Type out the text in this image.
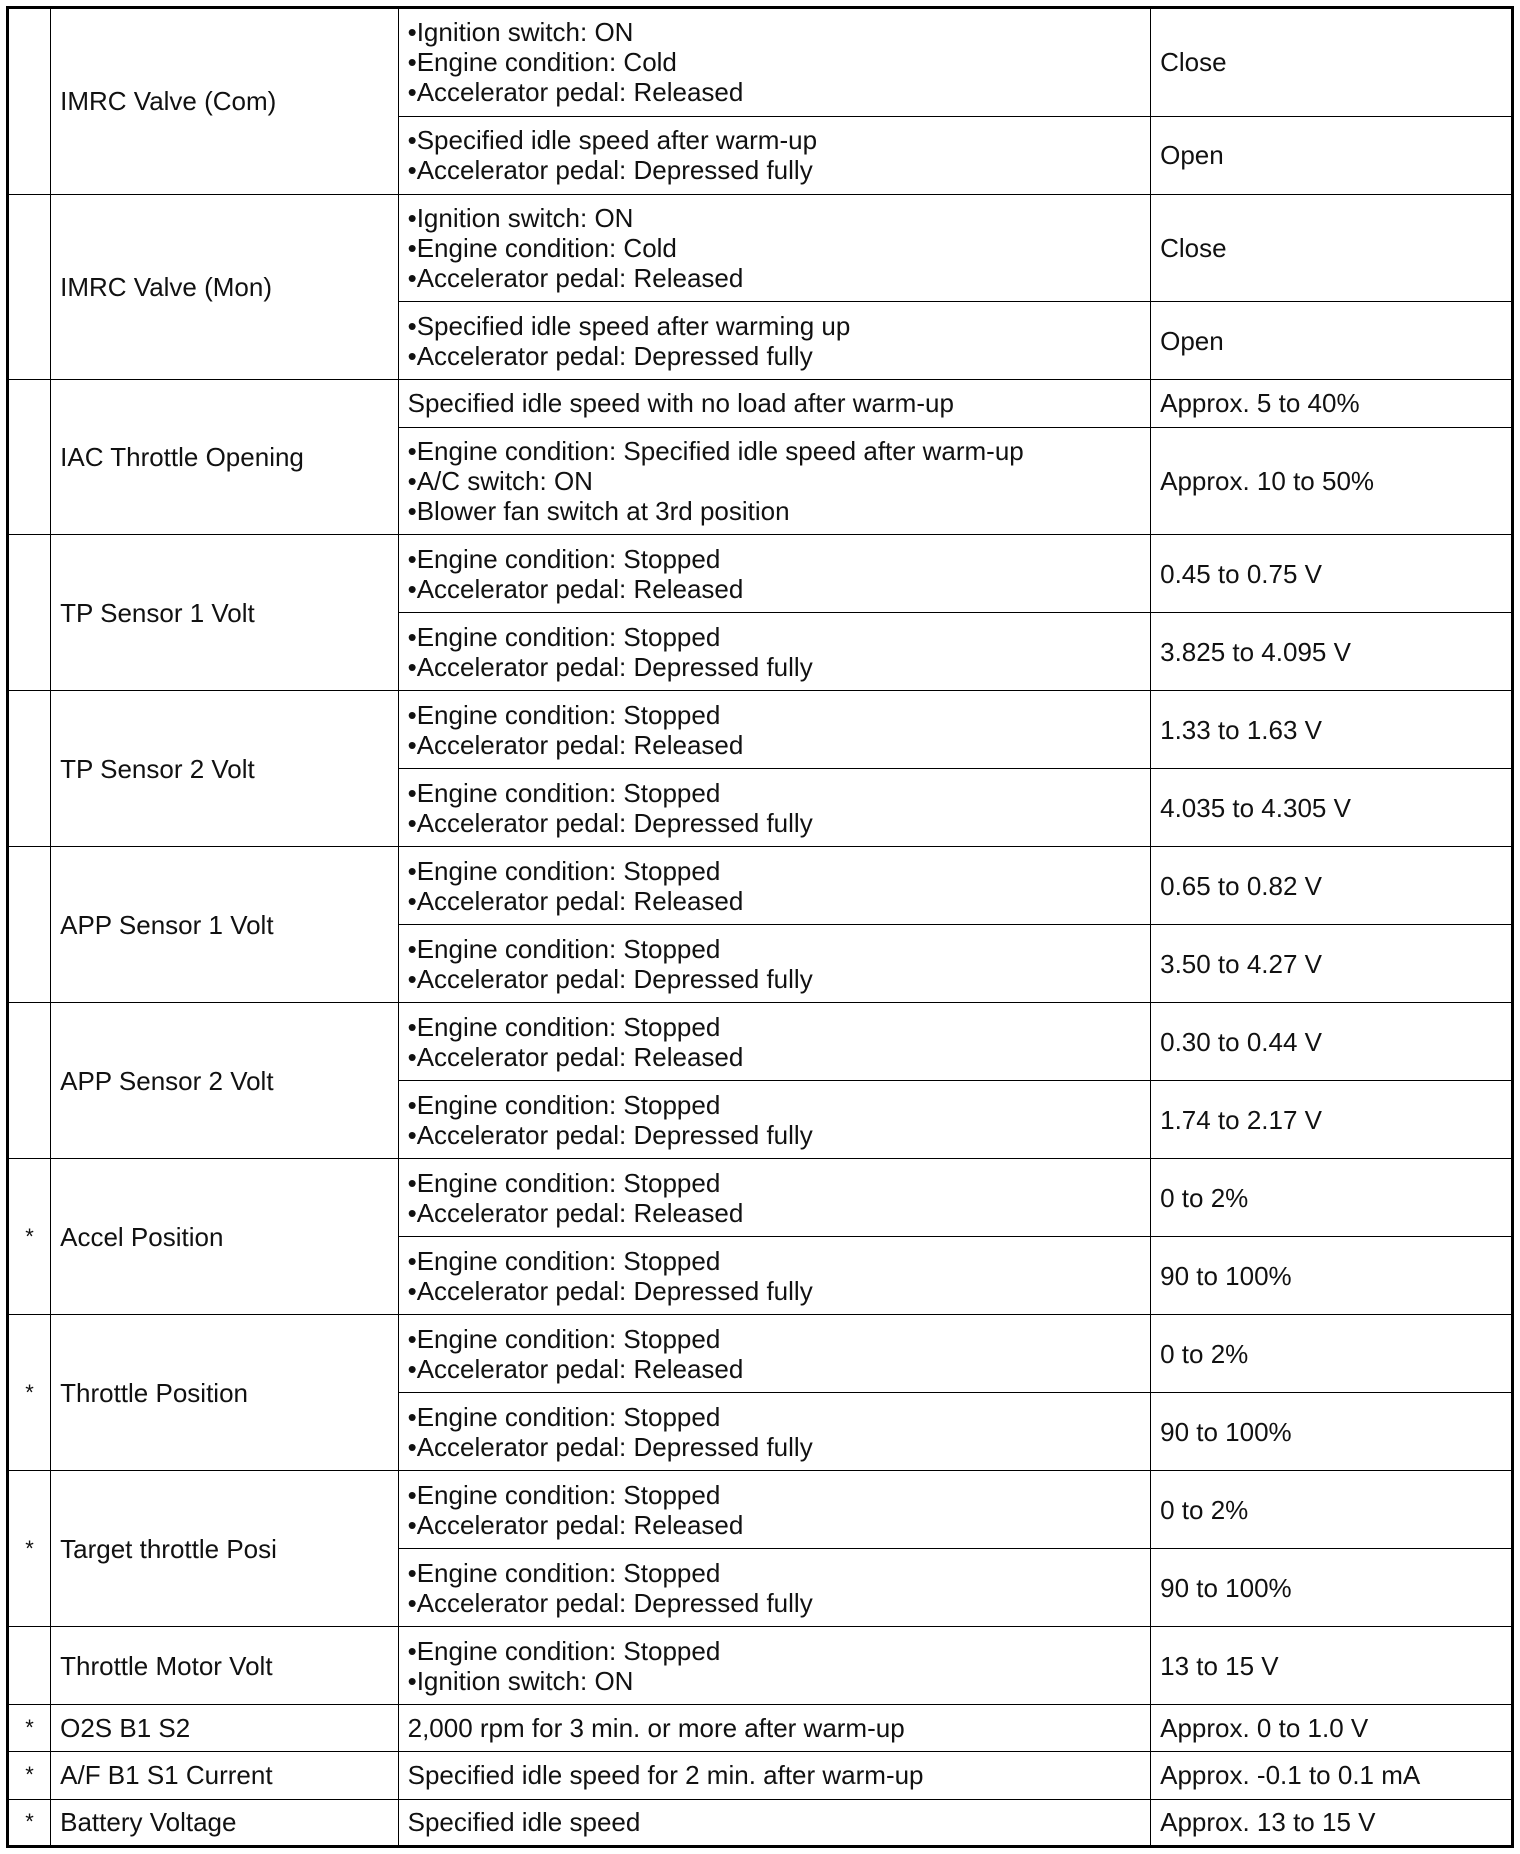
	IMRC Valve (Com)	•Ignition switch: ON
•Engine condition: Cold
•Accelerator pedal: Released	Close

		•Specified idle speed after warm-up
•Accelerator pedal: Depressed fully	Open
	IMRC Valve (Mon)	•Ignition switch: ON
•Engine condition: Cold
•Accelerator pedal: Released	Close

		•Specified idle speed after warming up
•Accelerator pedal: Depressed fully	Open
	IAC Throttle Opening	Specified idle speed with no load after warm-up	Approx. 5 to 40%

		•Engine condition: Specified idle speed after warm-up
•A/C switch: ON
•Blower fan switch at 3rd position	Approx. 10 to 50%
	TP Sensor 1 Volt	•Engine condition: Stopped
•Accelerator pedal: Released	0.45 to 0.75 V

		•Engine condition: Stopped
•Accelerator pedal: Depressed fully	3.825 to 4.095 V
	TP Sensor 2 Volt	•Engine condition: Stopped
•Accelerator pedal: Released	1.33 to 1.63 V

		•Engine condition: Stopped
•Accelerator pedal: Depressed fully	4.035 to 4.305 V
	APP Sensor 1 Volt	•Engine condition: Stopped
•Accelerator pedal: Released	0.65 to 0.82 V

		•Engine condition: Stopped
•Accelerator pedal: Depressed fully	3.50 to 4.27 V
	APP Sensor 2 Volt	•Engine condition: Stopped
•Accelerator pedal: Released	0.30 to 0.44 V

		•Engine condition: Stopped
•Accelerator pedal: Depressed fully	1.74 to 2.17 V
*	Accel Position	•Engine condition: Stopped
•Accelerator pedal: Released	0 to 2%

		•Engine condition: Stopped
•Accelerator pedal: Depressed fully	90 to 100%
*	Throttle Position	•Engine condition: Stopped
•Accelerator pedal: Released	0 to 2%

		•Engine condition: Stopped
•Accelerator pedal: Depressed fully	90 to 100%
*	Target throttle Posi	•Engine condition: Stopped
•Accelerator pedal: Released	0 to 2%

		•Engine condition: Stopped
•Accelerator pedal: Depressed fully	90 to 100%
	Throttle Motor Volt	•Engine condition: Stopped
•Ignition switch: ON	13 to 15 V
*	O2S B1 S2	2,000 rpm for 3 min. or more after warm-up	Approx. 0 to 1.0 V
*	A/F B1 S1 Current	Specified idle speed for 2 min. after warm-up	Approx. -0.1 to 0.1 mA
*	Battery Voltage	Specified idle speed	Approx. 13 to 15 V
